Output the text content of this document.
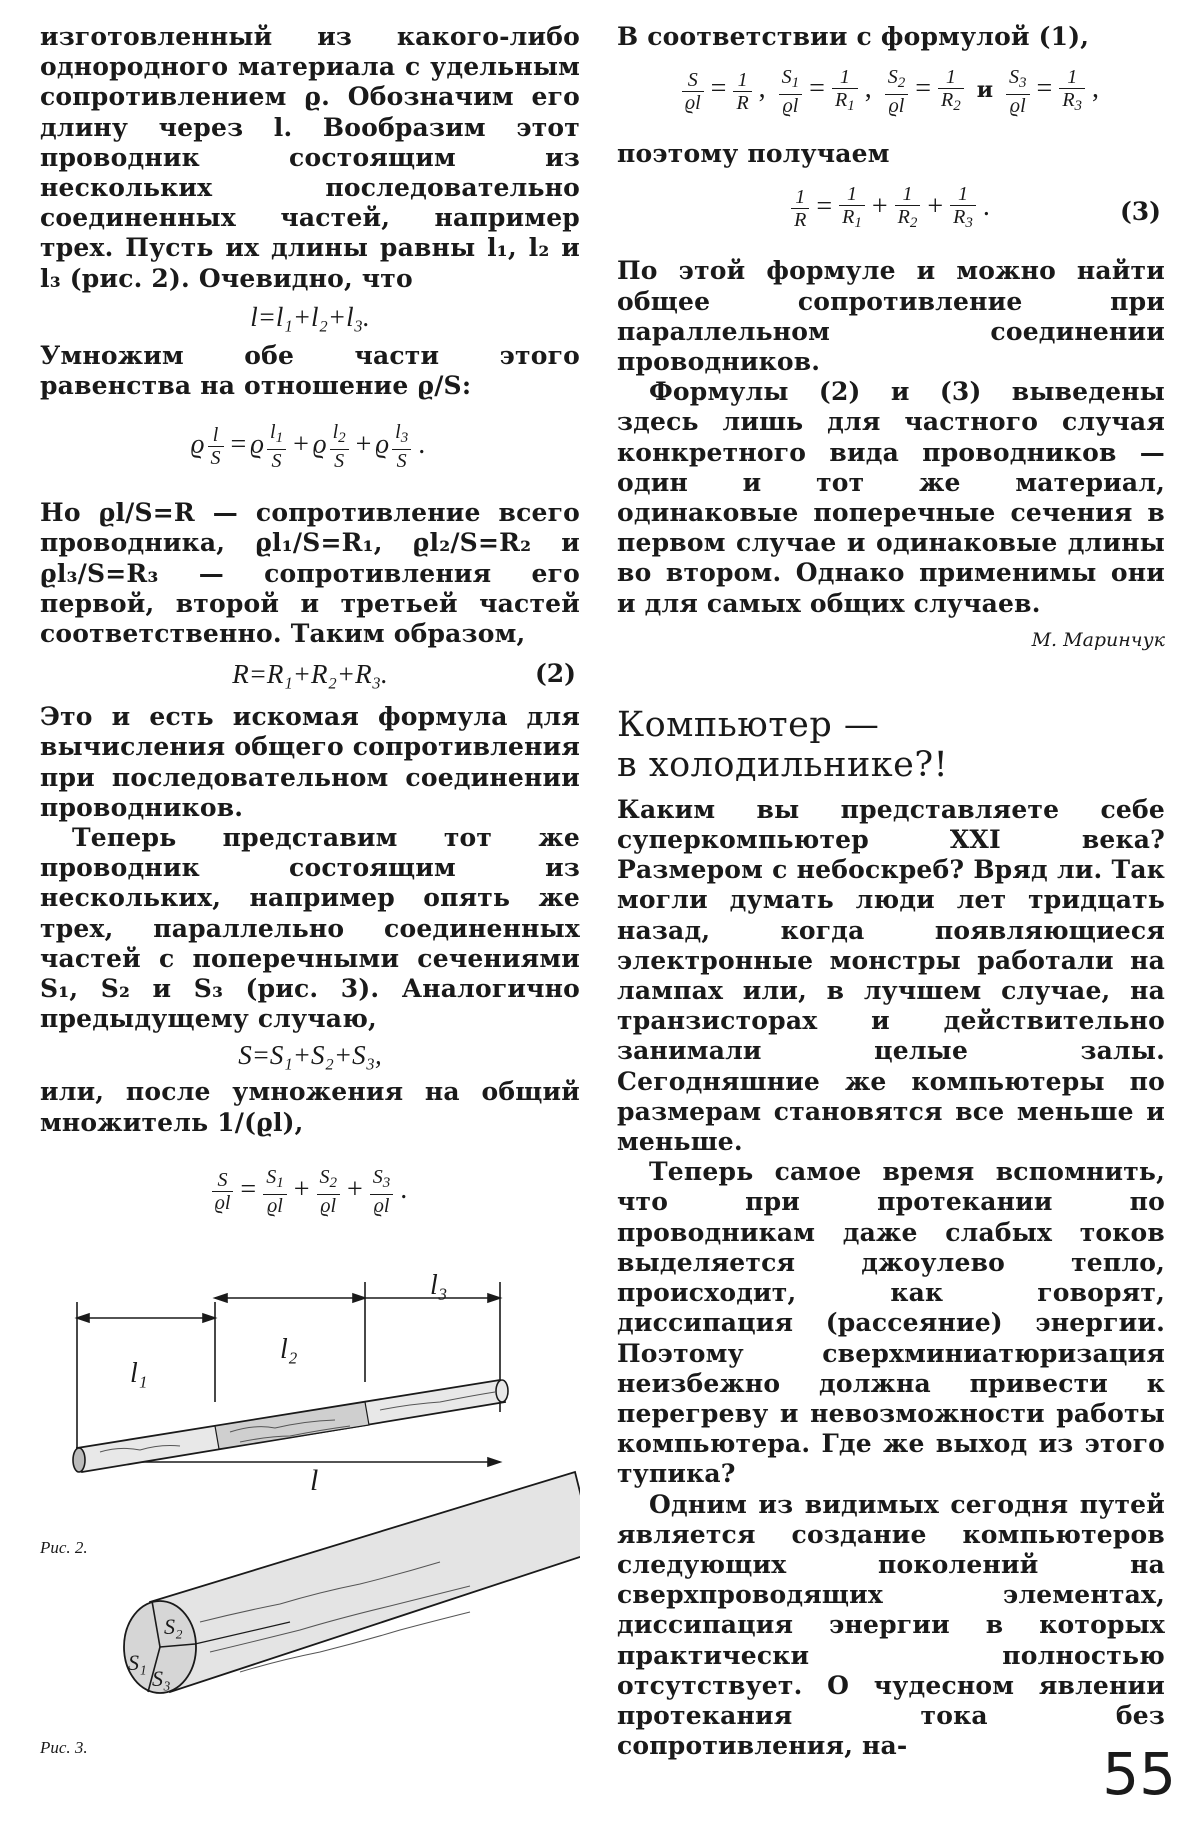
изготовленный из какого-либо однородного материала с удельным сопротивлением ϱ. Обозначим его длину через l. Вообразим этот проводник состоящим из нескольких последовательно соединенных частей, например трех. Пусть их длины равны l₁, l₂ и l₃ (рис. 2). Очевидно, что

l=l₁+l₂+l₃.

Умножим обе части этого равенства на отношение ϱ/S:

ϱ $\frac{l}{S} = ϱ \frac{l_1}{S} + ϱ \frac{l_2}{S} + ϱ \frac{l_3}{S}$ .

Но ϱl/S=R — сопротивление всего проводника, ϱl₁/S=R₁, ϱl₂/S=R₂ и ϱl₃/S=R₃ — сопротивления его первой, второй и третьей частей соответственно. Таким образом,

R=R₁+R₂+R₃.	(2)

Это и есть искомая формула для вычисления общего сопротивления при последовательном соединении проводников.

Теперь представим тот же проводник состоящим из нескольких, например опять же трех, параллельно соединенных частей с поперечными сечениями S₁, S₂ и S₃ (рис. 3). Аналогично предыдущему случаю,

S=S₁+S₂+S₃,

или, после умножения на общий множитель 1/(ϱl),

$\frac{S}{ϱl} = \frac{S_1}{ϱl} + \frac{S_2}{ϱl} + \frac{S_3}{ϱl}$ .
l₁
l₂
l₃
l
S₁
S₂
S₃
Рис. 2.
Рис. 3.

В соответствии с формулой (1),

$\frac{S}{ϱl} = \frac{1}{R}$ , $\frac{S_1}{ϱl} = \frac{1}{R_1}$ , $\frac{S_2}{ϱl} = \frac{1}{R_2}$ и $\frac{S_3}{ϱl} = \frac{1}{R_3}$ ,

поэтому получаем

$\frac{1}{R} = \frac{1}{R_1} + \frac{1}{R_2} + \frac{1}{R_3}$ .	(3)

По этой формуле и можно найти общее сопротивление при параллельном соединении проводников.

Формулы (2) и (3) выведены здесь лишь для частного случая конкретного вида проводников — один и тот же материал, одинаковые поперечные сечения в первом случае и одинаковые длины во втором. Однако применимы они и для самых общих случаев.

М. Маринчук

Компьютер —
в холодильнике?!

Каким вы представляете себе суперкомпьютер XXI века? Размером с небоскреб? Вряд ли. Так могли думать люди лет тридцать назад, когда появляющиеся электронные монстры работали на лампах или, в лучшем случае, на транзисторах и действительно занимали целые залы. Сегодняшние же компьютеры по размерам становятся все меньше и меньше.

Теперь самое время вспомнить, что при протекании по проводникам даже слабых токов выделяется джоулево тепло, происходит, как говорят, диссипация (рассеяние) энергии. Поэтому сверхминиатюризация неизбежно должна привести к перегреву и невозможности работы компьютера. Где же выход из этого тупика?

Одним из видимых сегодня путей является создание компьютеров следующих поколений на сверхпроводящих элементах, диссипация энергии в которых практически полностью отсутствует. О чудесном явлении протекания тока без сопротивления, на-	55
